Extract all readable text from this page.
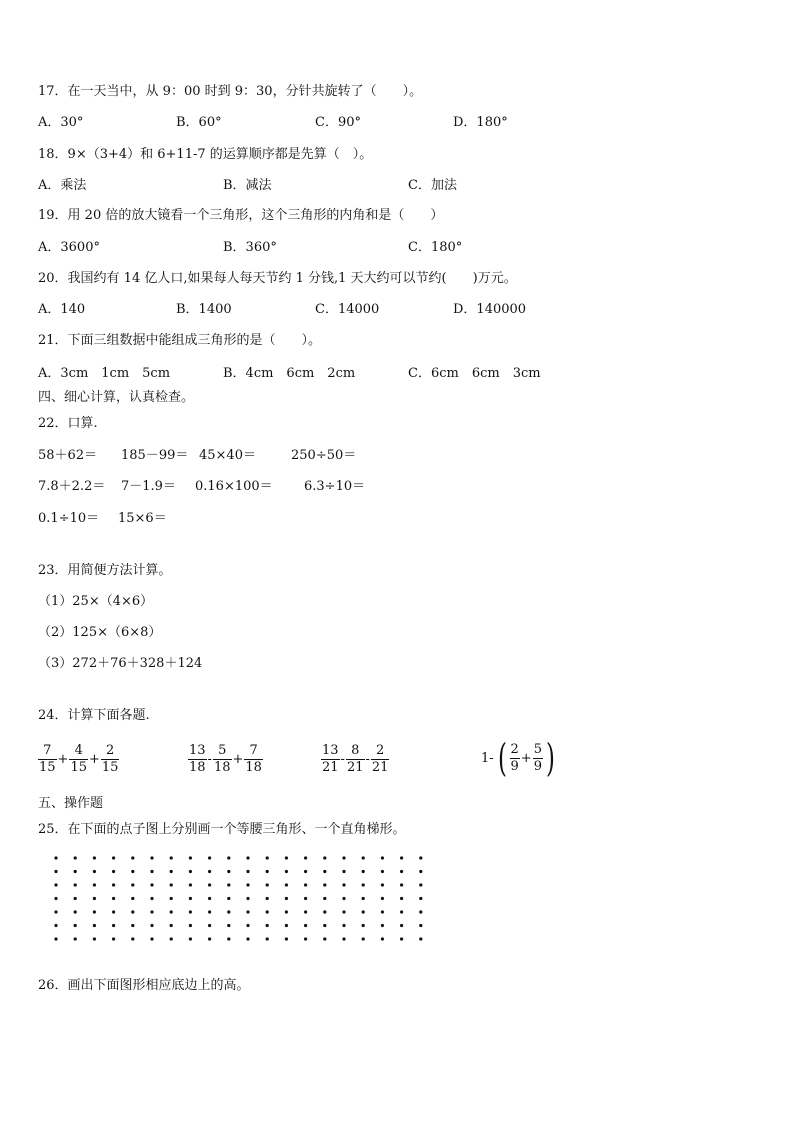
17．在一天当中，从 9：00 时到 9：30，分针共旋转了（　　）。
A．30°	B．60°	C．90°	D．180°
18．9×（3+4）和 6+11-7 的运算顺序都是先算（　）。
A．乘法	B．减法	C．加法
19．用 20 倍的放大镜看一个三角形，这个三角形的内角和是（　　）
A．3600°	B．360°	C．180°
20．我国约有 14 亿人口,如果每人每天节约 1 分钱,1 天大约可以节约(　　)万元。
A．140	B．1400	C．14000	D．140000
21．下面三组数据中能组成三角形的是（　　）。
A．3cm　1cm　5cm	B．4cm　6cm　2cm	C．6cm　6cm　3cm
四、细心计算，认真检查。
22．口算.
58＋62＝ 185－99＝ 45×40＝	250÷50＝
7.8＋2.2＝ 7－1.9＝ 0.16×100＝ 6.3÷10＝
0.1÷10＝ 15×6＝
23．用简便方法计算。
（1）25×（4×6）
（2）125×（6×8）
（3）272＋76＋328＋124
24．计算下面各题.
$\frac{7}{15} + \frac{4}{15} + \frac{2}{15}$	$\frac{13}{18} - \frac{5}{18} + \frac{7}{18}$	$\frac{13}{21} - \frac{8}{21} - \frac{2}{21}$	1- ( $\frac{2}{9} + \frac{5}{9}$ )
五、操作题
25．在下面的点子图上分别画一个等腰三角形、一个直角梯形。
26．画出下面图形相应底边上的高。
